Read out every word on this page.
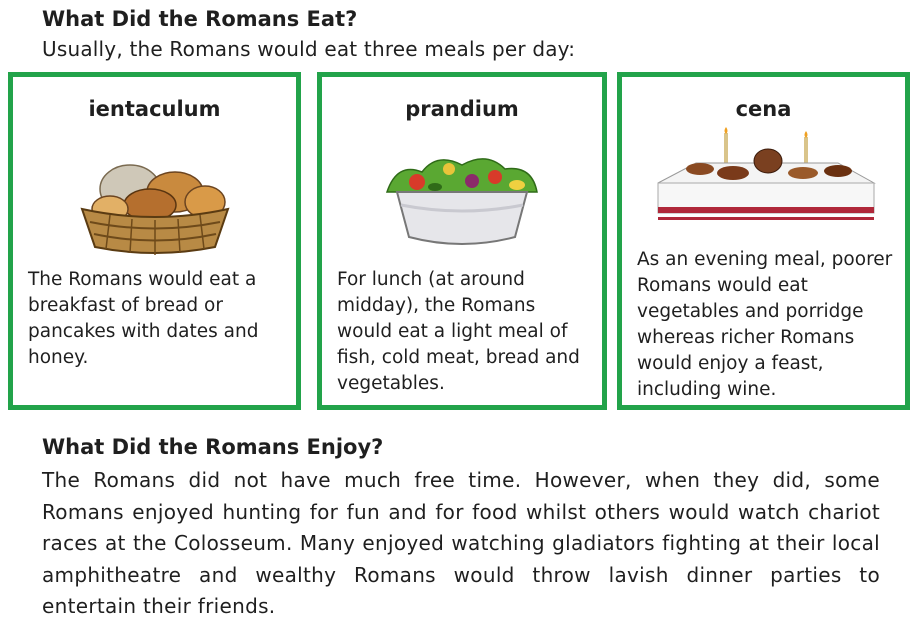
What Did the Romans Eat?

Usually, the Romans would eat three meals per day:

ientaculum

The Romans would eat a breakfast of bread or pancakes with dates and honey.

prandium

For lunch (at around midday), the Romans would eat a light meal of fish, cold meat, bread and vegetables.

cena

As an evening meal, poorer Romans would eat vegetables and porridge whereas richer Romans would enjoy a feast, including wine.

What Did the Romans Enjoy?

The Romans did not have much free time. However, when they did, some Romans enjoyed hunting for fun and for food whilst others would watch chariot races at the Colosseum. Many enjoyed watching gladiators fighting at their local amphitheatre and wealthy Romans would throw lavish dinner parties to entertain their friends.
